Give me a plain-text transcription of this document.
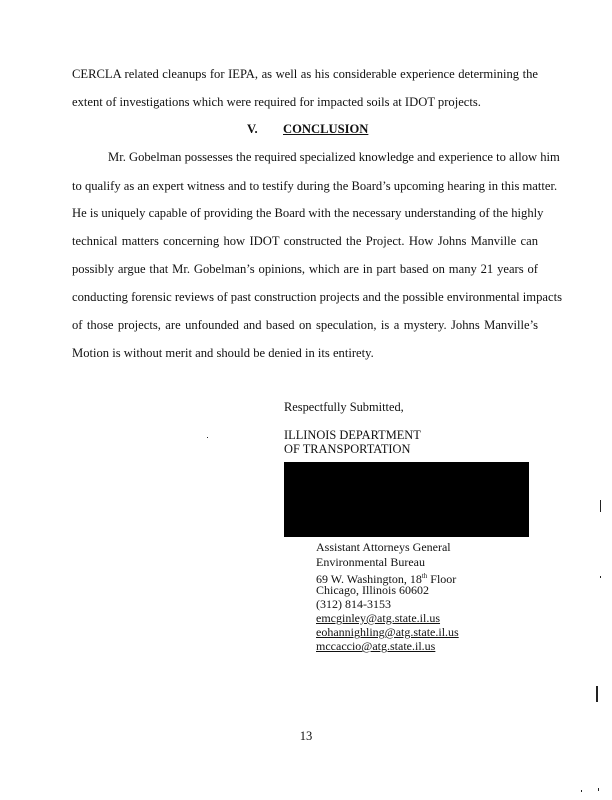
CERCLA related cleanups for IEPA, as well as his considerable experience determining the
extent of investigations which were required for impacted soils at IDOT projects.
V. CONCLUSION
Mr. Gobelman possesses the required specialized knowledge and experience to allow him
to qualify as an expert witness and to testify during the Board’s upcoming hearing in this matter.
He is uniquely capable of providing the Board with the necessary understanding of the highly
technical matters concerning how IDOT constructed the Project. How Johns Manville can
possibly argue that Mr. Gobelman’s opinions, which are in part based on many 21 years of
conducting forensic reviews of past construction projects and the possible environmental impacts
of those projects, are unfounded and based on speculation, is a mystery. Johns Manville’s
Motion is without merit and should be denied in its entirety.
Respectfully Submitted,
ILLINOIS DEPARTMENT
OF TRANSPORTATION
Assistant Attorneys General
Environmental Bureau
69 W. Washington, 18th Floor
Chicago, Illinois 60602
(312) 814-3153
emcginley@atg.state.il.us
eohannighling@atg.state.il.us
mccaccio@atg.state.il.us
13
